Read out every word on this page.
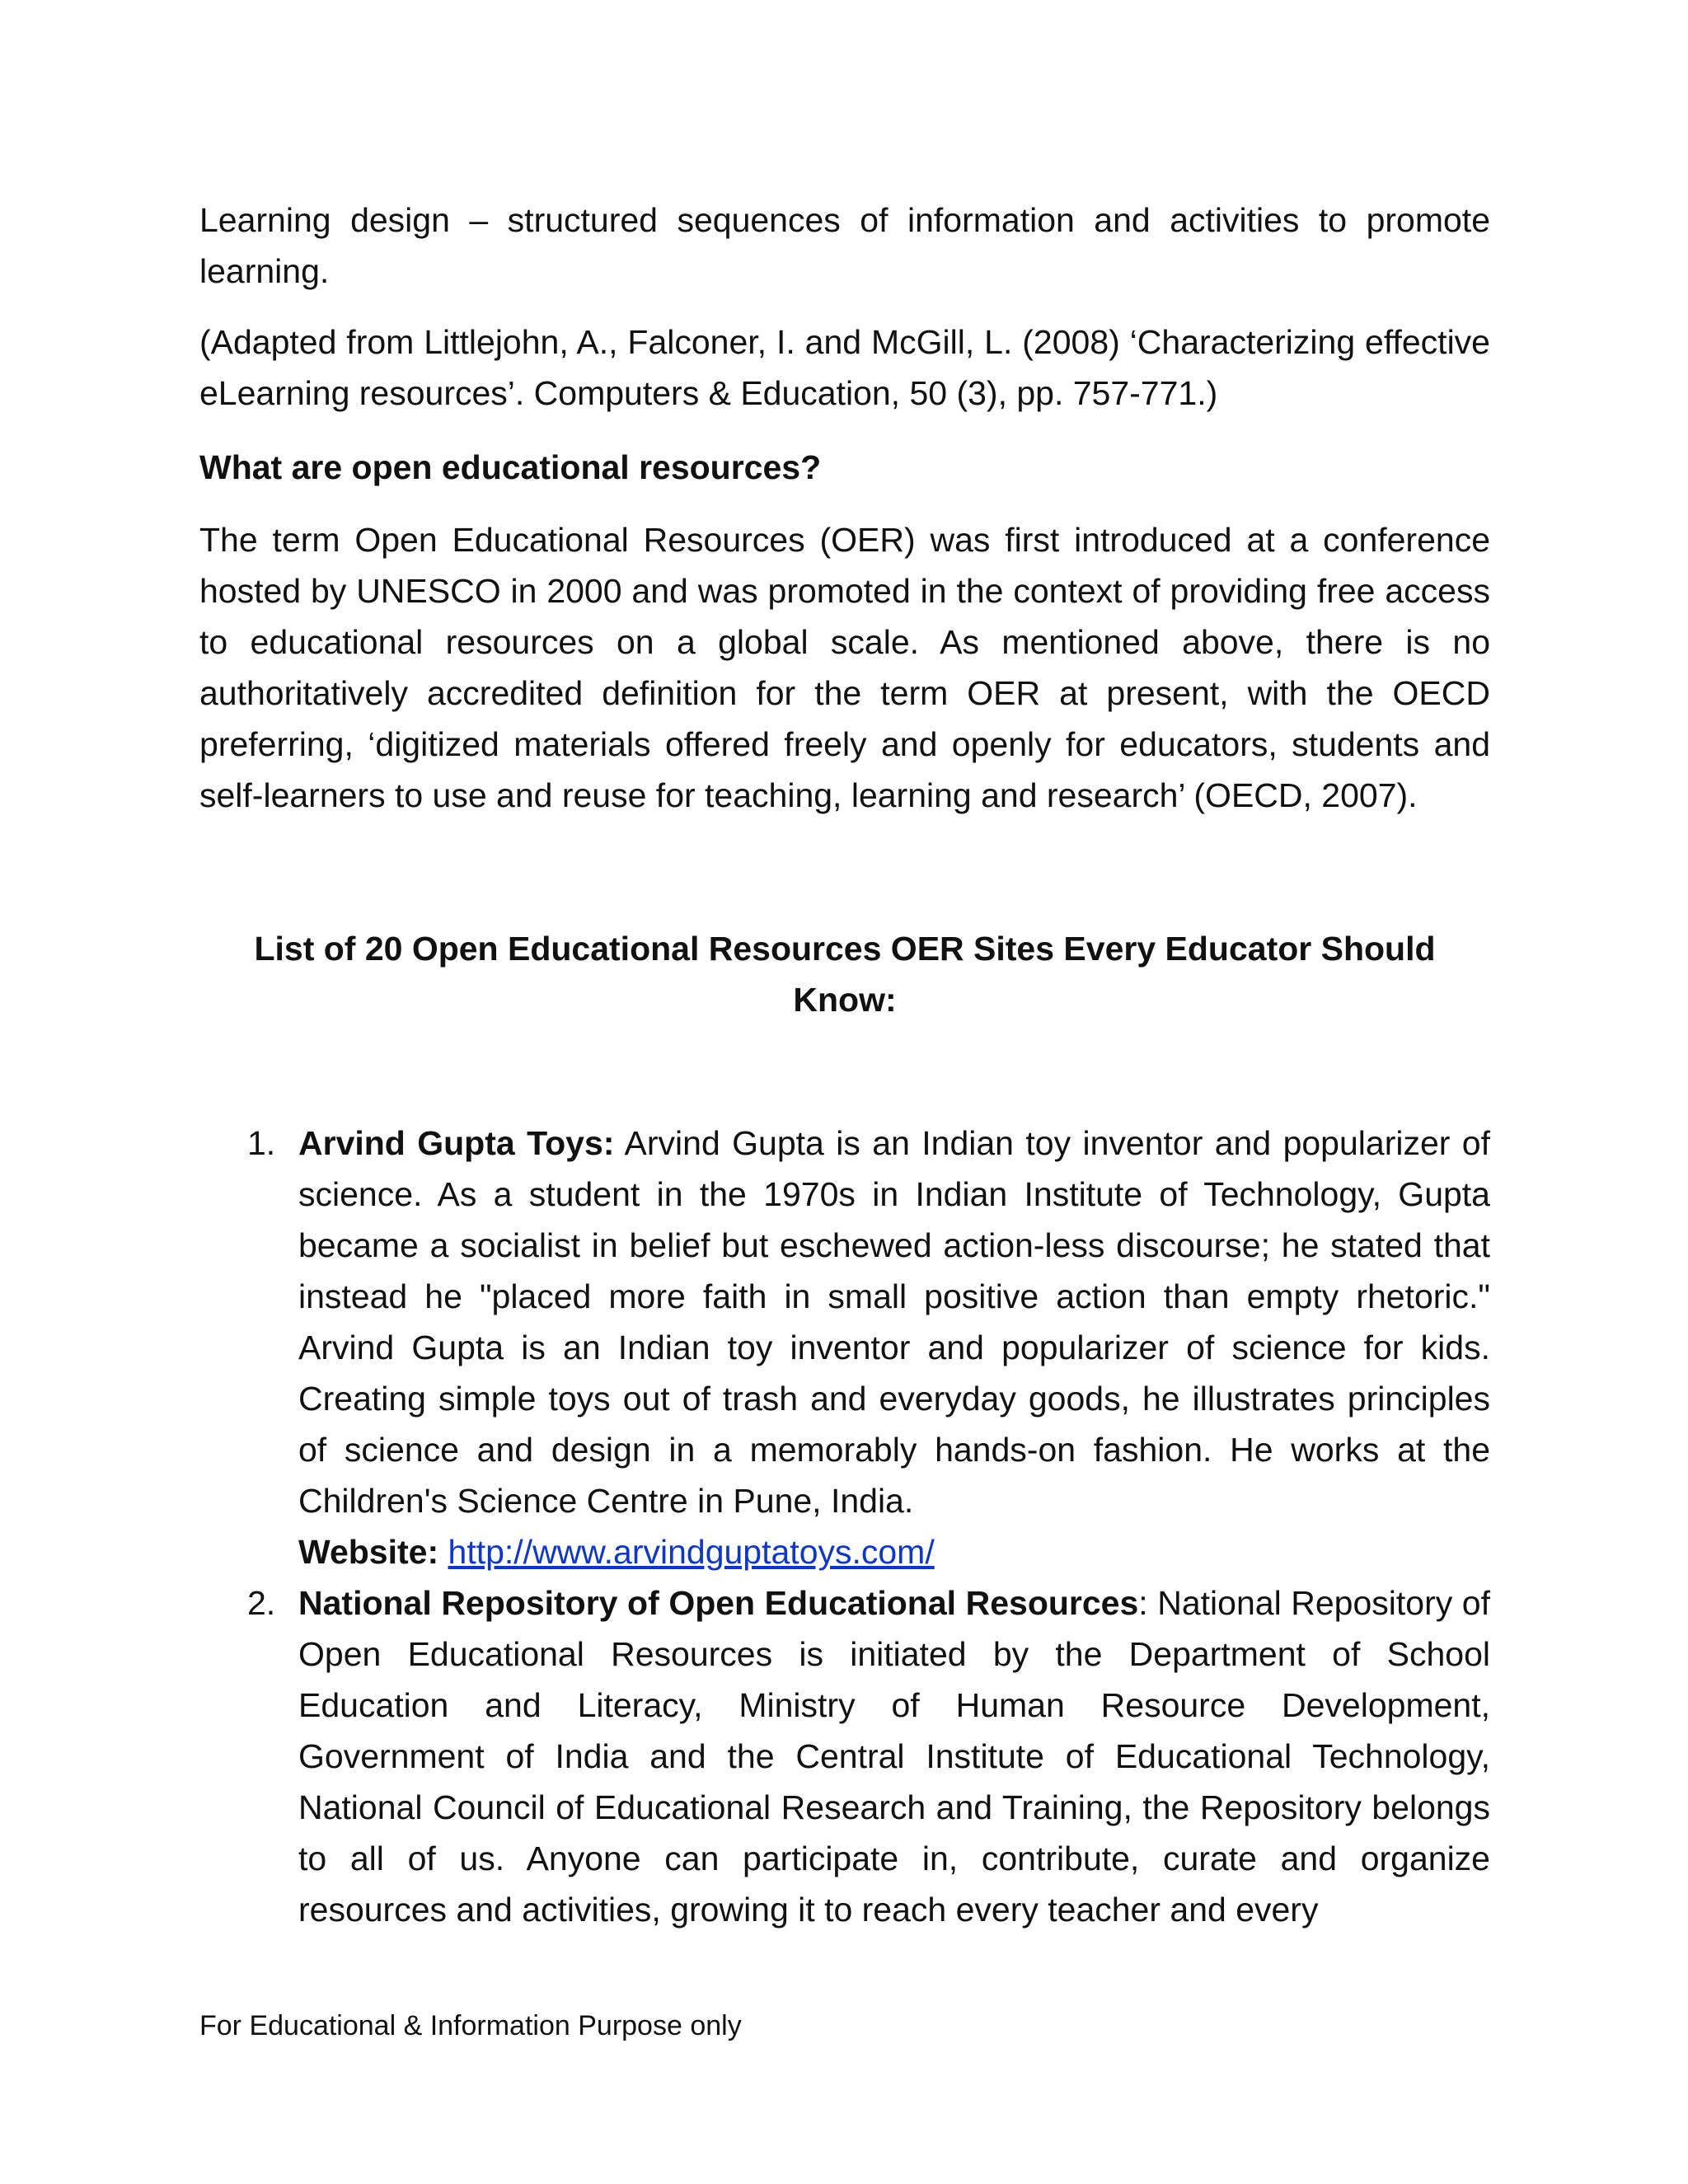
Learning design – structured sequences of information and activities to promote learning.

(Adapted from Littlejohn, A., Falconer, I. and McGill, L. (2008) ‘Characterizing effective eLearning resources’. Computers & Education, 50 (3), pp. 757-771.)

What are open educational resources?

The term Open Educational Resources (OER) was first introduced at a conference hosted by UNESCO in 2000 and was promoted in the context of providing free access to educational resources on a global scale. As mentioned above, there is no authoritatively accredited definition for the term OER at present, with the OECD preferring, ‘digitized materials offered freely and openly for educators, students and self-learners to use and reuse for teaching, learning and research’ (OECD, 2007).

List of 20 Open Educational Resources OER Sites Every Educator Should Know:

1. Arvind Gupta Toys: Arvind Gupta is an Indian toy inventor and popularizer of science. As a student in the 1970s in Indian Institute of Technology, Gupta became a socialist in belief but eschewed action-less discourse; he stated that instead he "placed more faith in small positive action than empty rhetoric." Arvind Gupta is an Indian toy inventor and popularizer of science for kids. Creating simple toys out of trash and everyday goods, he illustrates principles of science and design in a memorably hands-on fashion. He works at the Children's Science Centre in Pune, India.
Website: http://www.arvindguptatoys.com/
2. National Repository of Open Educational Resources: National Repository of Open Educational Resources is initiated by the Department of School Education and Literacy, Ministry of Human Resource Development, Government of India and the Central Institute of Educational Technology, National Council of Educational Research and Training, the Repository belongs to all of us. Anyone can participate in, contribute, curate and organize resources and activities, growing it to reach every teacher and every
For Educational & Information Purpose only
